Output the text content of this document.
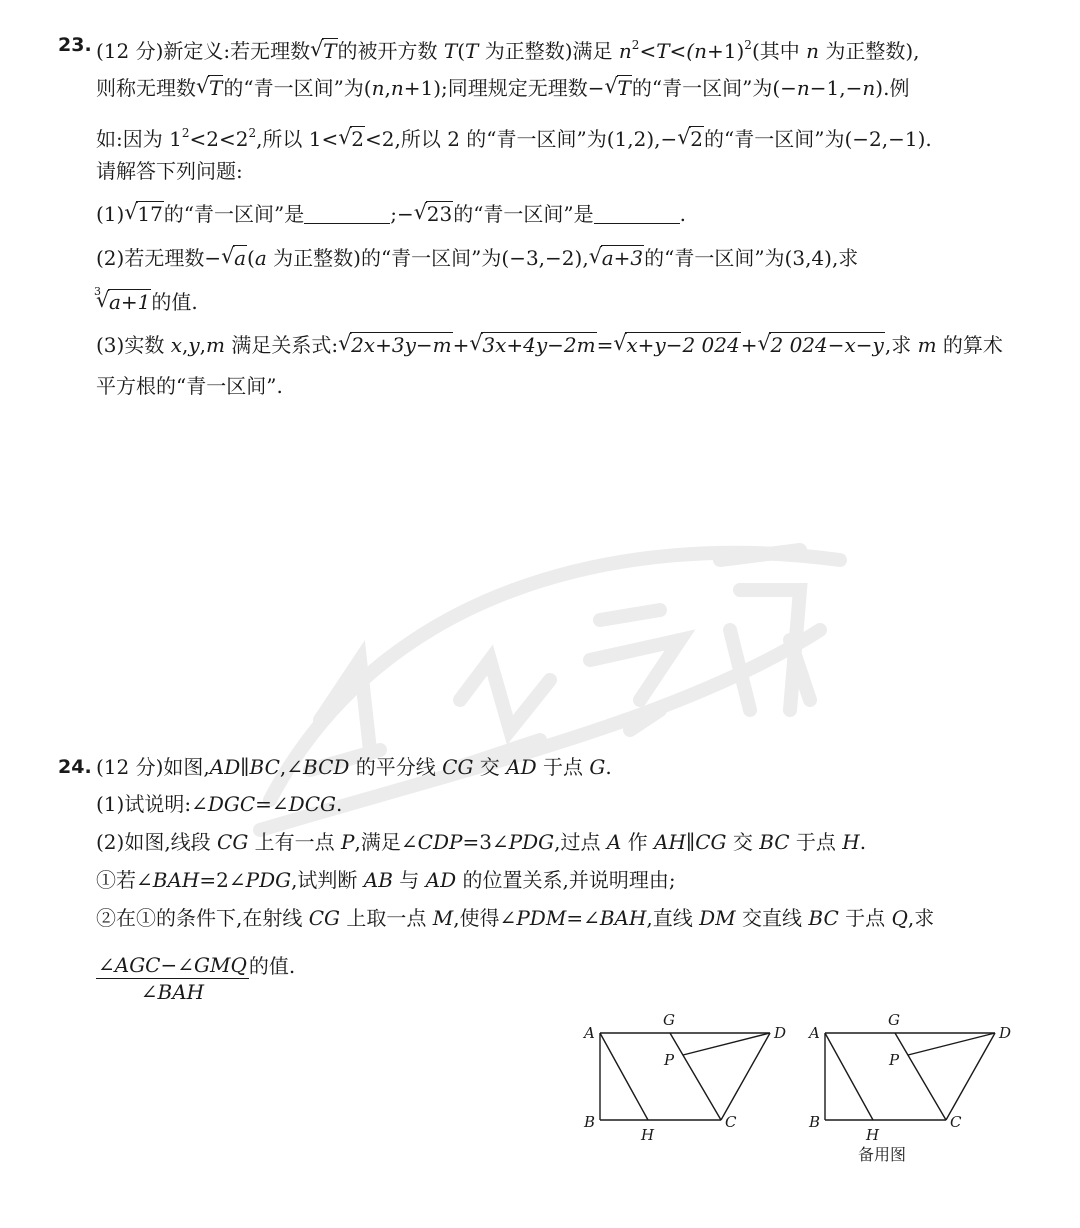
23. (12 分)新定义:若无理数 √ T的被开方数 T(T 为正整数)满足 $n^2<T<(n+1)^2$(其中 n 为正整数),
则称无理数 √ T的“青一区间”为(n,n+1);同理规定无理数− √ T的“青一区间”为(−n−1,−n).例
如:因为 $1^2<2<2^2$,所以 1< √ 2<2,所以 2 的“青一区间”为(1,2),− √ 2的“青一区间”为(−2,−1).
请解答下列问题:
(1) √ 17的“青一区间”是	;− √ 23的“青一区间”是	.
(2)若无理数− √ a(a 为正整数)的“青一区间”为(−3,−2), √ a+3的“青一区间”为(3,4),求
√ 3 a+1的值.
(3)实数 x,y,m 满足关系式: √ 2x+3y−m+ √ 3x+4y−2m= √ x+y−2 024+ √ 2 024−x−y,求 m 的算术
平方根的“青一区间”.
24. (12 分)如图,AD∥BC,∠BCD 的平分线 CG 交 AD 于点 G.
(1)试说明:∠DGC=∠DCG.
(2)如图,线段 CG 上有一点 P,满足∠CDP=3∠PDG,过点 A 作 AH∥CG 交 BC 于点 H.
①若∠BAH=2∠PDG,试判断 AB 与 AD 的位置关系,并说明理由;
②在①的条件下,在射线 CG 上取一点 M,使得∠PDM=∠BAH,直线 DM 交直线 BC 于点 Q,求
$\frac{\text{∠AGC−∠GMQ}}{\text{∠BAH}}$ 的值.
A
G
D
P
B
H
C
A
G
D
P
B
H
C
备用图
